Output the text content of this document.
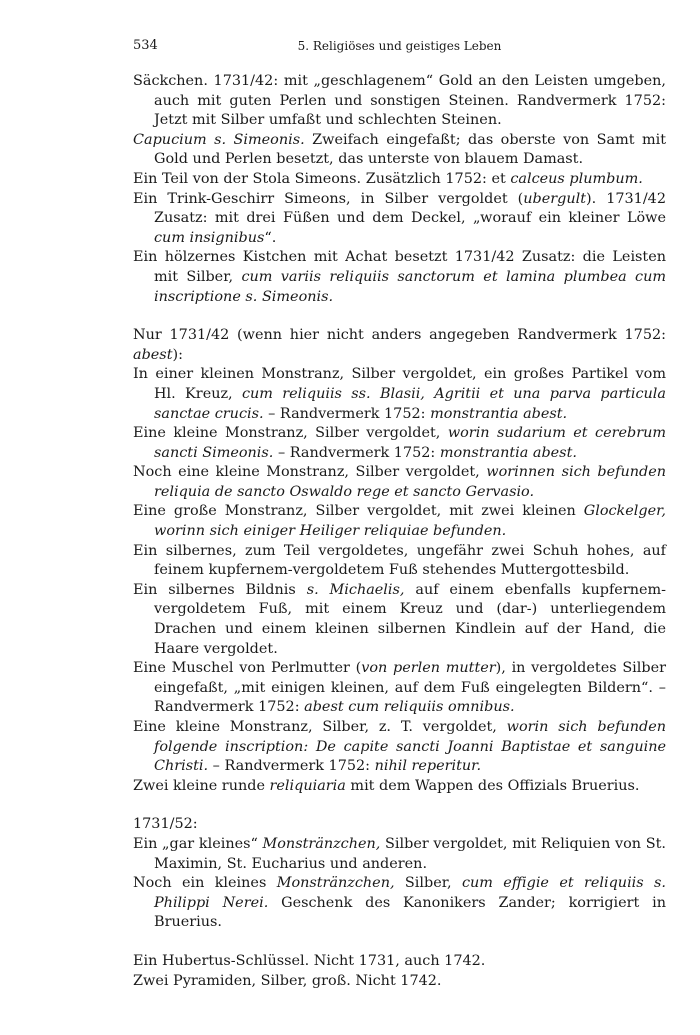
534	5. Religiöses und geistiges Leben

Säckchen. 1731/42: mit „geschlagenem“ Gold an den Leisten umgeben, auch mit guten Perlen und sonstigen Steinen. Randvermerk 1752: Jetzt mit Silber umfaßt und schlechten Steinen.

Capucium s. Simeonis. Zweifach eingefaßt; das oberste von Samt mit Gold und Perlen besetzt, das unterste von blauem Damast.

Ein Teil von der Stola Simeons. Zusätzlich 1752: et calceus plumbum.

Ein Trink-Geschirr Simeons, in Silber vergoldet (ubergult). 1731/42 Zusatz: mit drei Füßen und dem Deckel, „worauf ein kleiner Löwe cum insignibus“.

Ein hölzernes Kistchen mit Achat besetzt 1731/42 Zusatz: die Leisten mit Silber, cum variis reliquiis sanctorum et lamina plumbea cum inscriptione s. Simeonis.

Nur 1731/42 (wenn hier nicht anders angegeben Randvermerk 1752: abest):

In einer kleinen Monstranz, Silber vergoldet, ein großes Partikel vom Hl. Kreuz, cum reliquiis ss. Blasii, Agritii et una parva particula sanctae crucis. – Randvermerk 1752: monstrantia abest.

Eine kleine Monstranz, Silber vergoldet, worin sudarium et cerebrum sancti Simeonis. – Randvermerk 1752: monstrantia abest.

Noch eine kleine Monstranz, Silber vergoldet, worinnen sich befunden reliquia de sancto Oswaldo rege et sancto Gervasio.

Eine große Monstranz, Silber vergoldet, mit zwei kleinen Glockelger, worinn sich einiger Heiliger reliquiae befunden.

Ein silbernes, zum Teil vergoldetes, ungefähr zwei Schuh hohes, auf feinem kupfernem-vergoldetem Fuß stehendes Muttergottesbild.

Ein silbernes Bildnis s. Michaelis, auf einem ebenfalls kupfernem-vergoldetem Fuß, mit einem Kreuz und (dar-) unterliegendem Drachen und einem kleinen silbernen Kindlein auf der Hand, die Haare vergoldet.

Eine Muschel von Perlmutter (von perlen mutter), in vergoldetes Silber eingefaßt, „mit einigen kleinen, auf dem Fuß eingelegten Bildern“. – Randvermerk 1752: abest cum reliquiis omnibus.

Eine kleine Monstranz, Silber, z. T. vergoldet, worin sich befunden folgende inscription: De capite sancti Joanni Baptistae et sanguine Christi. – Randvermerk 1752: nihil reperitur.

Zwei kleine runde reliquiaria mit dem Wappen des Offizials Bruerius.

1731/52:

Ein „gar kleines“ Monstränzchen, Silber vergoldet, mit Reliquien von St. Maximin, St. Eucharius und anderen.

Noch ein kleines Monstränzchen, Silber, cum effigie et reliquiis s. Philippi Nerei. Geschenk des Kanonikers Zander; korrigiert in Bruerius.

Ein Hubertus-Schlüssel. Nicht 1731, auch 1742.

Zwei Pyramiden, Silber, groß. Nicht 1742.
